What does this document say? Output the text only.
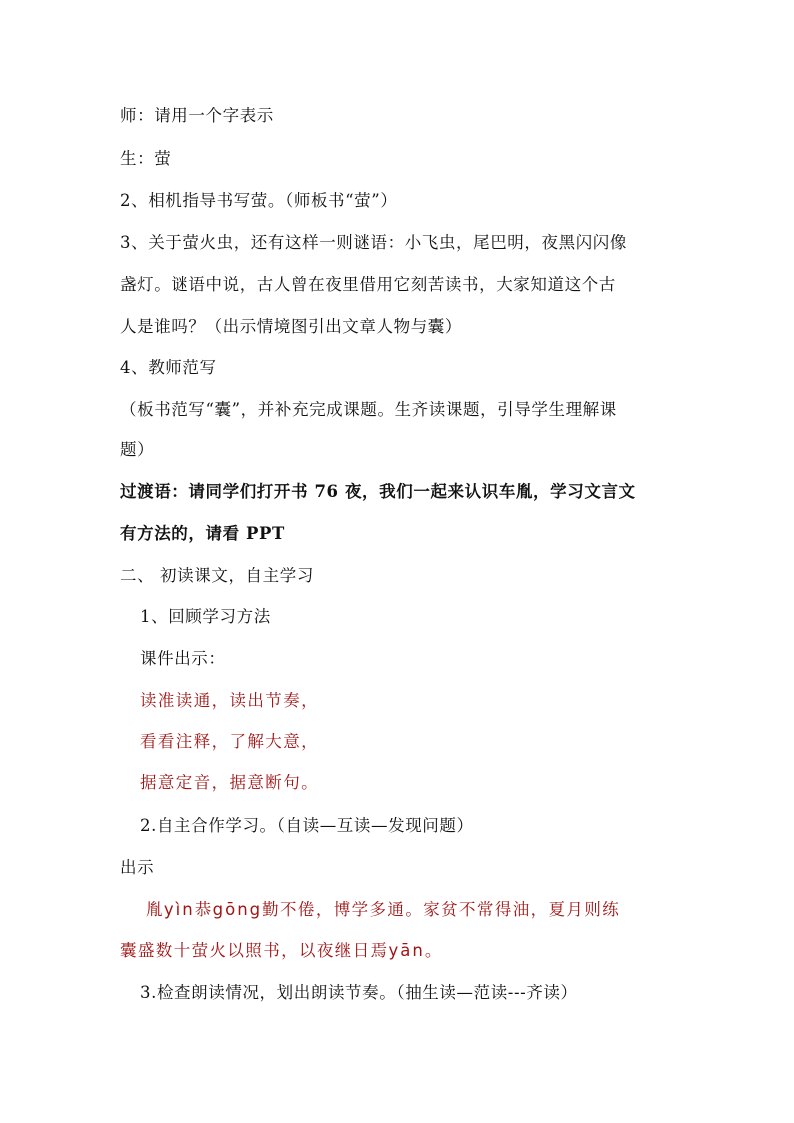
师：请用一个字表示
生：萤
2、相机指导书写萤。（师板书“萤”）
3、关于萤火虫，还有这样一则谜语：小飞虫，尾巴明，夜黑闪闪像
盏灯。谜语中说，古人曾在夜里借用它刻苦读书，大家知道这个古
人是谁吗？（出示情境图引出文章人物与囊）
4、教师范写
（板书范写“囊”，并补充完成课题。生齐读课题，引导学生理解课
题）
过渡语：请同学们打开书 76 夜，我们一起来认识车胤，学习文言文
有方法的，请看 PPT
二、 初读课文，自主学习
1、回顾学习方法
课件出示：
读准读通，读出节奏，
看看注释，了解大意，
据意定音，据意断句。
2.自主合作学习。（自读—互读—发现问题）
出示
胤yìn恭gōng勤不倦，博学多通。家贫不常得油，夏月则练
囊盛数十萤火以照书，以夜继日焉yān。
3.检查朗读情况，划出朗读节奏。（抽生读—范读---齐读）
